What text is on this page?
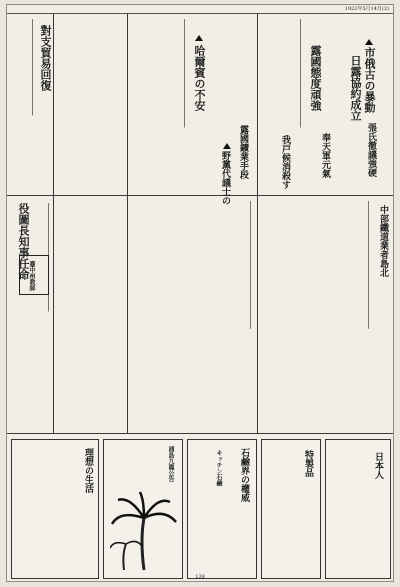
1922年5月14日(2)
對支貿易回復
━━━━━━━━━━━━━━━━━━━━━━━━━━━━━━━━━━━━━━━━
役圖長知事任命	━━━━━━━━━━━━━━━━━━━━━━━━━━━━━━━━━━━━━━━━━━━━━
哈爾賓の不安
━━━━━━━━━━━━━━━━━━━━━━━━━━━━━━━━━━━━━━━━━━━━━
野黨代議士の 露國鑛業手段
市俄古の暴動
日露協約成立
露國態度頑強
張氏徹議強硬
奉天軍元氣
我戸候消殺す
━━━━━━━━━━━━━━━━━━━━━━━━━━━━━━━━━━━━━━━━━━━━━
中部鐵道業者島北
━━━━━━━━━━━━━━━━━━━━━━━━━━━━━━━━━━━━━━━━━━━━━━━━━━━━━
━━━━━━━━━━━━━━━━━━━━━━━━━━━━━━━━━━━━━━━━━━━━━━━━━━━━━
臺中州教師
浦島九龍公告	石鹼界の權威
キッチン石鹼	特製品	日本人
理想の生活
138
